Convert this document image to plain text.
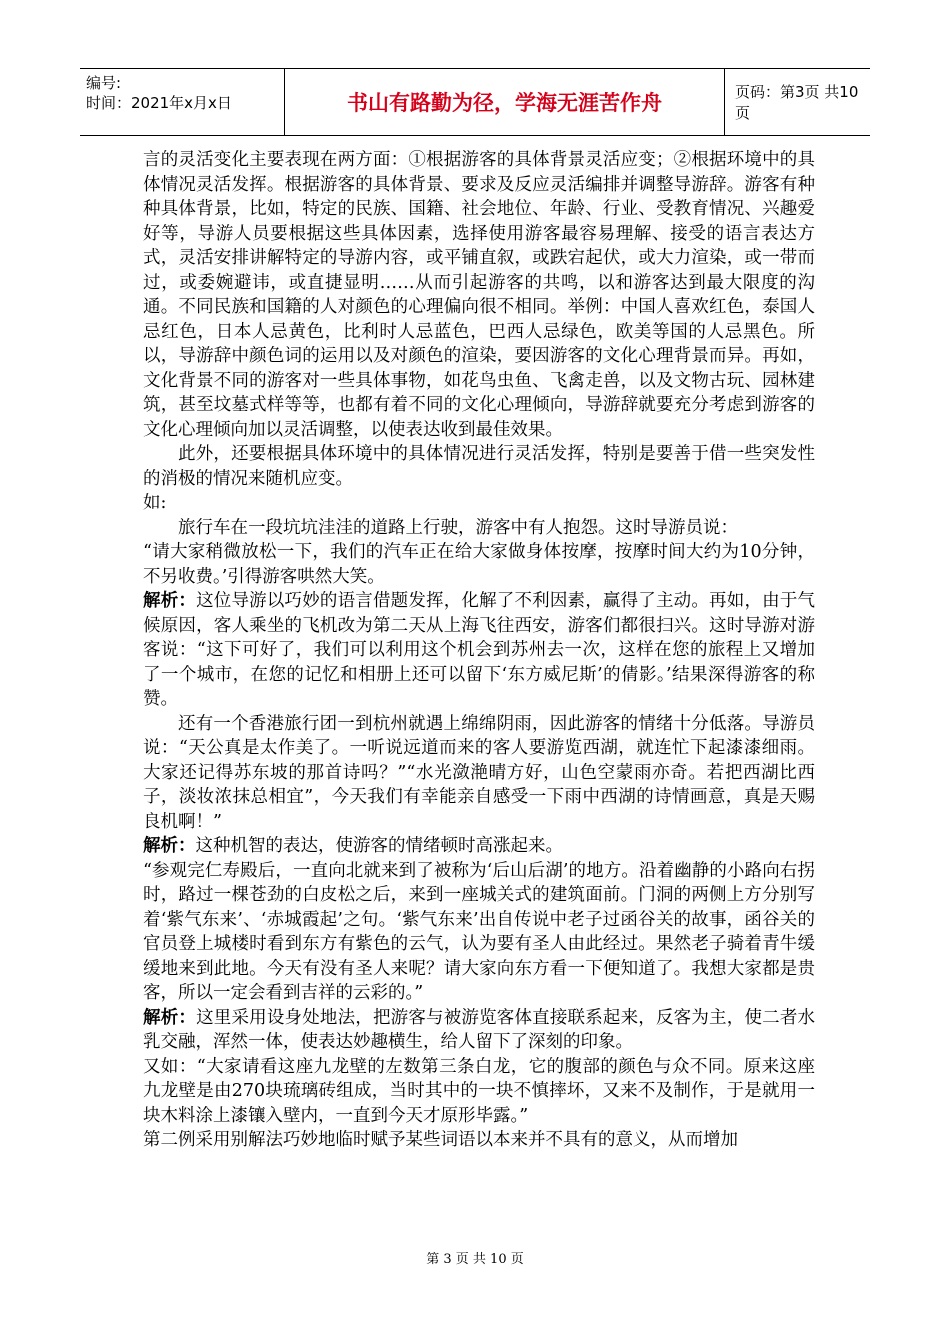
编号:
时间：2021年x月x日	书山有路勤为径，学海无涯苦作舟	页码：第3页 共10页

言的灵活变化主要表现在两方面：①根据游客的具体背景灵活应变；②根据环境中的具体情况灵活发挥。根据游客的具体背景、要求及反应灵活编排并调整导游辞。游客有种种具体背景，比如，特定的民族、国籍、社会地位、年龄、行业、受教育情况、兴趣爱好等，导游人员要根据这些具体因素，选择使用游客最容易理解、接受的语言表达方式，灵活安排讲解特定的导游内容，或平铺直叙，或跌宕起伏，或大力渲染，或一带而过，或委婉避讳，或直捷显明……从而引起游客的共鸣，以和游客达到最大限度的沟通。不同民族和国籍的人对颜色的心理偏向很不相同。举例：中国人喜欢红色，泰国人忌红色，日本人忌黄色，比利时人忌蓝色，巴西人忌绿色，欧美等国的人忌黑色。所以，导游辞中颜色词的运用以及对颜色的渲染，要因游客的文化心理背景而异。再如，文化背景不同的游客对一些具体事物，如花鸟虫鱼、飞禽走兽，以及文物古玩、园林建筑，甚至坟墓式样等等，也都有着不同的文化心理倾向，导游辞就要充分考虑到游客的文化心理倾向加以灵活调整，以使表达收到最佳效果。

此外，还要根据具体环境中的具体情况进行灵活发挥，特别是要善于借一些突发性的消极的情况来随机应变。

如:

旅行车在一段坑坑洼洼的道路上行驶，游客中有人抱怨。这时导游员说：

“请大家稍微放松一下，我们的汽车正在给大家做身体按摩，按摩时间大约为10分钟，不另收费。’引得游客哄然大笑。

解析：这位导游以巧妙的语言借题发挥，化解了不利因素，赢得了主动。再如，由于气候原因，客人乘坐的飞机改为第二天从上海飞往西安，游客们都很扫兴。这时导游对游客说：“这下可好了，我们可以利用这个机会到苏州去一次，这样在您的旅程上又增加了一个城市，在您的记忆和相册上还可以留下‘东方威尼斯’的倩影。’结果深得游客的称赞。

还有一个香港旅行团一到杭州就遇上绵绵阴雨，因此游客的情绪十分低落。导游员说：“天公真是太作美了。一听说远道而来的客人要游览西湖，就连忙下起漆漆细雨。大家还记得苏东坡的那首诗吗？”“水光潋滟晴方好，山色空蒙雨亦奇。若把西湖比西子，淡妆浓抹总相宜”，今天我们有幸能亲自感受一下雨中西湖的诗情画意，真是天赐良机啊！”

解析：这种机智的表达，使游客的情绪顿时高涨起来。

“参观完仁寿殿后，一直向北就来到了被称为‘后山后湖’的地方。沿着幽静的小路向右拐时，路过一棵苍劲的白皮松之后，来到一座城关式的建筑面前。门洞的两侧上方分别写着‘紫气东来’、‘赤城霞起’之句。‘紫气东来’出自传说中老子过函谷关的故事，函谷关的官员登上城楼时看到东方有紫色的云气，认为要有圣人由此经过。果然老子骑着青牛缓缓地来到此地。今天有没有圣人来呢？请大家向东方看一下便知道了。我想大家都是贵客，所以一定会看到吉祥的云彩的。”

解析：这里采用设身处地法，把游客与被游览客体直接联系起来，反客为主，使二者水乳交融，浑然一体，使表达妙趣横生，给人留下了深刻的印象。

又如：“大家请看这座九龙壁的左数第三条白龙，它的腹部的颜色与众不同。原来这座九龙壁是由270块琉璃砖组成，当时其中的一块不慎摔坏，又来不及制作，于是就用一块木料涂上漆镶入壁内，一直到今天才原形毕露。”

第二例采用别解法巧妙地临时赋予某些词语以本来并不具有的意义，从而增加

第 3 页 共 10 页
